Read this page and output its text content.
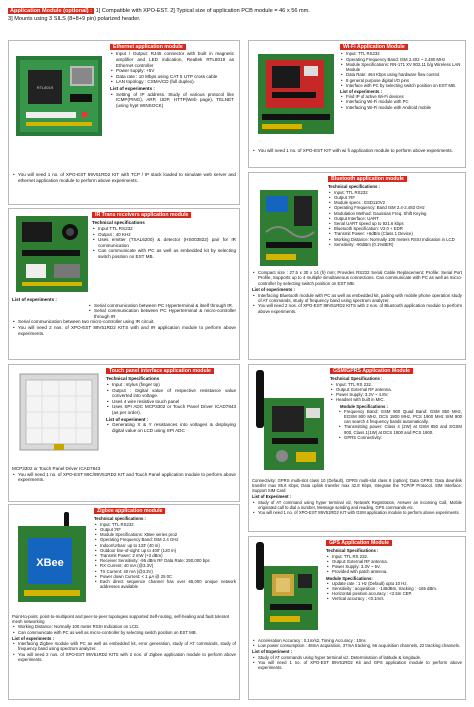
Application Module (optional) : 1] Compatible with XPO-EST. 2] Typical size of application PCB module = 46 x 56 mm.
3] Mounts using 3 SILS (8+8+9 pin) polarized header.
RTL8019
Ethernet application module
• Input / Output: RJ45 connector with built in magnetic amplifier and LED indication, Realtek RTL8019 as Ethernet controller
• Power supply: +5V
• Data rate : 10 Mbps using CAT 5 UTP cross cable
• LAN topology : CSMA/CD (full duplex).
List of experiments :
• Setting of IP address. Study of various protocol like ICMP(PING), ARP, UDP, HTTP(Web page), TELNET (using hypt WINSOCK)
• You will need 1 no. of XPO-EST 89V51RD2 KIT with TCP / IP stack loaded to simulate web server and ethernet application module to perform above experiments.
Wi-Fi Application Module
• Input: TTL RS232
• Operating Frequency Band: ISM 2.402 ~ 2.480 MHz
• Module Specifications: RN-171 XV 802.11 b/g Wireless LAN Module
• Data Rate: 464 Kbps using hardware flow control
• 8 general purpose digital I/O pins
• Interface with PC by selecting switch position on EST MB.
List of experiments :
• Find IP of active Wi-Fi devices
• Interfacing Wi-Fi module with PC
• Interfacing Wi-Fi module with Android mobile
• You will need 1 no. of XPO-EST KIT with wi fi application module to perform above experiments.
IR Trans receivers application module
Technical specifications
• Input TTL RS232
• Output : 40 KHz
• Uses emitter (TSAL6200) & detector (HS003822) pair for IR communication
• Can communicate with PC as well as embedded kit by selecting switch position on EST MB.
List of experiments :
• Serial communication between PC Hyperterminal & itself through IR.
• Serial communication between PC Hyperterminal & micro-controller through IR
• Serial communication between two micro-controller using IR circuit.
• You will need 2 nos. of XPO-EST 89V51RD2 KITS with and IR application module to perform above experiments.
Bluetooth application module
Technical specifications :
• Input: TTL RS232
• Output :RF
• Module specs : ESD110V2
• Operating Frequency: Band ISM 2.4-2.483 GHz
• Modulation Method: Gaussian Freq. Shift Keying
• Output Interface: UART
• Serial UART speed up to 921.6 kbps
• Bluetooth Specification: V2.0 + EDR
• Transmit Power: +6dBm (Class 1 Device)
• Working Distance: Normally 100 meters RSSI Indication in LCD
• Sensitivity: -90dBm (0.1%BER)
• Compact size : 27.5 x 30 x 14 (h) mm; Provides RS232 Serial Cable Replacement; Profile: Serial Port Profile, Supports up to 4 multiple simultaneous connections. Can communicate with PC as well as micro-controller by selecting switch position on EST MB.
List of experiments :
• Interfacing Bluetooth module with PC as well as embedded kit, pairing with mobile phone operation study of AT commands, study of frequency band using spectrum analyzer.
• You will need 2 nos. of XPO-EST 89V51RD2 KITS with 2 nos. of Bluetooth application module to perform above experiments.
Touch panel interface application module
Technical Specifications
• Input : stylus (finger tip)
• Output : Digital value of respective resistance value converted into voltage.
• Uses 4 wire resistive touch panel
• Uses SPI ADC MCP3302 or Touch Panel Driver ICAD7843 (as per order).
List of experiment :
• Generating X & Y resistances into voltages & displaying digital value on LCD using SPI ADC
MCP3302 or Touch Panel Driver ICAD7843
• You will need 1 no. of XPO-EST 89C/89V51RD2 KIT and Touch Panel application module to perform above experiments.
GSM/GPRS Application Module
Technical Specifications :
• Input: TTL RS 232.
• Output: External RF antenna.
• Power Supply: 3.2V ~ 4.8V.
• Headset with built in MIC.
Module Specifications :
• Frequency Band: GSM 900 Quad Band: GSM 850 MHz, EGSM 900 MHz, DCS 1800 MHz, PCS 1900 MHz SIM 900 can search 4 frequency bands automatically.
• Transmitting power: Class 4 (2W) at GSM 850 and EGSM 900, Class 1(1W) at DCS 1800 and PCS 1900.
• GPRS Connectivity:
Connectivity: GPRS multi-slot class 10 (Default), GPRS multi-slot class 8 (option); Data GPRS: Data downlink transfer max 85.6 Kbps, Data uplink transfer max 42.8 Kbps, Integrate the TCP/IP Protocol. SIM Interface: Support SIM Card
List of Experiment :
• Study of AT command using hyper terminal viz, Network Registration, Answer an incoming Call, Mobile originated call to dial a number, Message sending and reading, GPS commands etc.
• You will need 1 no. of XPO-EST 89V51RD2 KIT with GSM application module to perform above experiments.
XBee
Zigbee application module
Technical specifications :
• Input: TTL RS232
• Output :RF
• Module Specifications: XBee series pro2
• Operating Frequency Band: ISM 2.4 GHz
• Indoor/Urban: up to 133' (40 m)
• Outdoor line-of-sight: up to 400' (120 m)
• Transmit Power: 2 mW (+3 dBm)
• Receiver Sensitivity: -95 dBm RF Data Rate: 250,000 bps
• RX Current: 40 mA (@3.3V)
• TX Current: 40 mA (@3.3V)
• Power down Current: < 1 µA @ 25 0C
• Each direct sequence channel has over 65,000 unique network addresses available
Point-to-point, point-to-multipoint and peer-to-peer topologies supported Self-routing, self-healing and fault tolerant mesh networking
• Working Distance: Normally 100 meter RSSI Indication on LCD.
• Can communicate with PC as well as micro-controller by selecting switch position on EST MB.
List of experiments :
• Interfacing Zigbee module with PC as well as embedded kit, error generation, study of AT commands, study of frequency band using spectrum analyzer.
• You will need 2 nos. of XPO-EST 89V51RD2 KITS with 2 nos. of Zigbee application module to perform above experiments.
GPS Application Module
Technical Specifications :
• Input: TTL RS 232.
• Output: External RF antenna.
• Power Supply: 3.3V ~ 5V.
• Provided with patch antenna.
Module Specifications:
• Update rate : 1 Hz (Default) upto 10 Hz.
• Sensitivity : acquisition : -148dBm, tracking : -165 dBm.
• Horizontal position accuracy : <2.5m CEP.
• Vertical accuracy : <0.1m/s
• Acceleration Accuracy : 0.1m/s2, Timing Accuracy : 10ns
• Low power consumption : 48mA acquisition, 37mA tracking, 66 acquisition channels, 22 tracking channels.
List of Experiment :
• Study of AT commands using hyper terminal viz. Determination of latitude & longitude.
• You will need 1 no. of XPO-EST 89V51RD2 Kit and GPS application module to perform above experiments.
